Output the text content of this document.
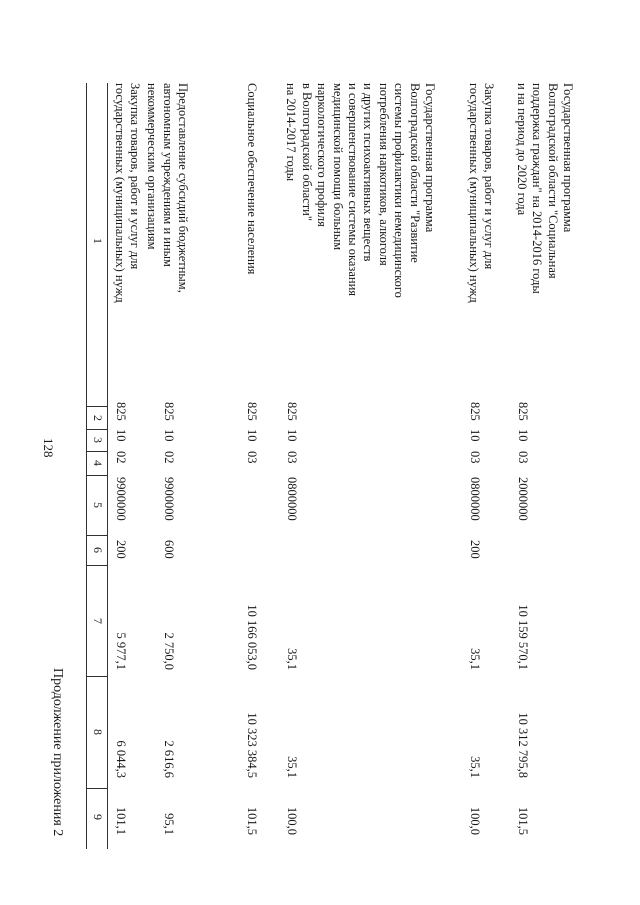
128
Продолжение приложения 2
1
2
3
4
5
6
7
8
9
Закупка товаров, работ и услуг для
государственных (муниципальных) нужд
825
10
02
9900000
200
5 977,1
6 044,3
101,1
Предоставление субсидий бюджетным,
автономным учреждениям и иным
некоммерческим организациям
825
10
02
9900000
600
2 750,0
2 616,6
95,1
Социальное обеспечение населения
825
10
03
10 166 053,0
10 323 384,5
101,5
Государственная программа
Волгоградской области "Развитие
системы профилактики немедицинского
потребления наркотиков, алкоголя
и других психоактивных веществ
и совершенствование системы оказания
медицинской помощи больным
наркологического профиля
в Волгоградской области"
на 2014-2017 годы
825
10
03
0800000
35,1
35,1
100,0
Закупка товаров, работ и услуг для
государственных (муниципальных) нужд
825
10
03
0800000
200
35,1
35,1
100,0
Государственная программа
Волгоградской области "Социальная
поддержка граждан" на 2014-2016 годы
и на период до 2020 года
825
10
03
2000000
10 159 570,1
10 312 795,8
101,5
